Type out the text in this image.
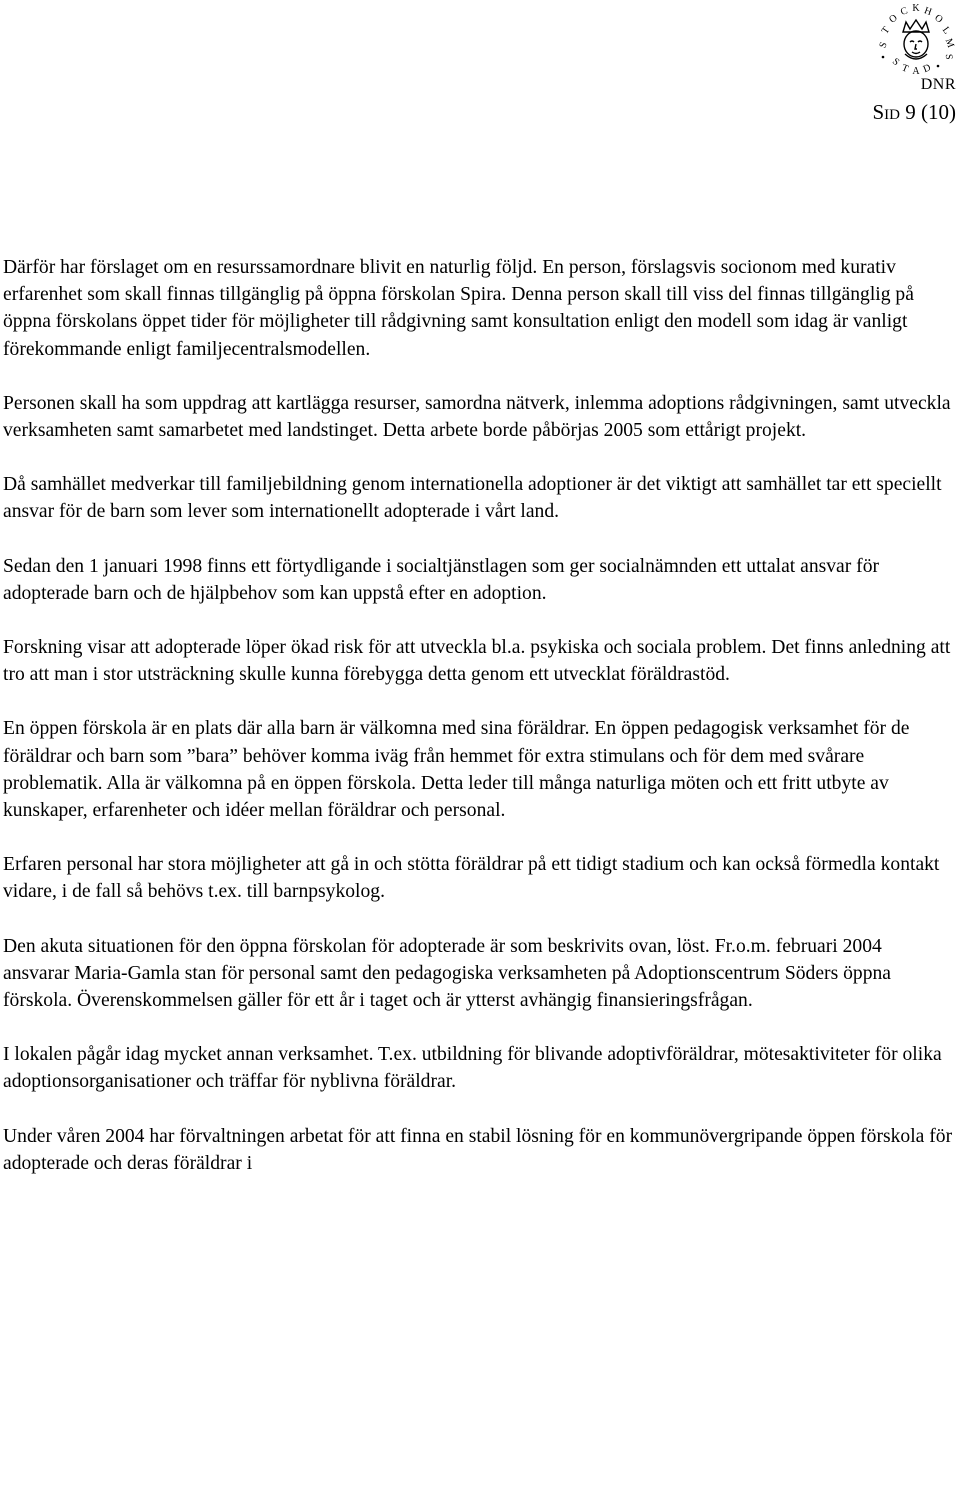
S
T
O
C K H
O
L
M
S
S
T A D
DNR
SID 9 (10)

Därför har förslaget om en resurssamordnare blivit en naturlig följd. En person, förslagsvis socionom med kurativ erfarenhet som skall finnas tillgänglig på öppna förskolan Spira. Denna person skall till viss del finnas tillgänglig på öppna förskolans öppet tider för möjligheter till rådgivning samt konsultation enligt den modell som idag är vanligt förekommande enligt familjecentralsmodellen.

Personen skall ha som uppdrag att kartlägga resurser, samordna nätverk, inlemma adoptions rådgivningen, samt utveckla verksamheten samt samarbetet med landstinget. Detta arbete borde påbörjas 2005 som ettårigt projekt.

Då samhället medverkar till familjebildning genom internationella adoptioner är det viktigt att samhället tar ett speciellt ansvar för de barn som lever som internationellt adopterade i vårt land.

Sedan den 1 januari 1998 finns ett förtydligande i socialtjänstlagen som ger socialnämnden ett uttalat ansvar för adopterade barn och de hjälpbehov som kan uppstå efter en adoption.

Forskning visar att adopterade löper ökad risk för att utveckla bl.a. psykiska och sociala problem. Det finns anledning att tro att man i stor utsträckning skulle kunna förebygga detta genom ett utvecklat föräldrastöd.

En öppen förskola är en plats där alla barn är välkomna med sina föräldrar. En öppen pedagogisk verksamhet för de föräldrar och barn som ”bara” behöver komma iväg från hemmet för extra stimulans och för dem med svårare problematik. Alla är välkomna på en öppen förskola. Detta leder till många naturliga möten och ett fritt utbyte av kunskaper, erfarenheter och idéer mellan föräldrar och personal.

Erfaren personal har stora möjligheter att gå in och stötta föräldrar på ett tidigt stadium och kan också förmedla kontakt vidare, i de fall så behövs t.ex. till barnpsykolog.

Den akuta situationen för den öppna förskolan för adopterade är som beskrivits ovan, löst. Fr.o.m. februari 2004 ansvarar Maria-Gamla stan för personal samt den pedagogiska verksamheten på Adoptionscentrum Söders öppna förskola. Överenskommelsen gäller för ett år i taget och är ytterst avhängig finansieringsfrågan.

I lokalen pågår idag mycket annan verksamhet. T.ex. utbildning för blivande adoptivföräldrar, mötesaktiviteter för olika adoptionsorganisationer och träffar för nyblivna föräldrar.

Under våren 2004 har förvaltningen arbetat för att finna en stabil lösning för en kommunövergripande öppen förskola för adopterade och deras föräldrar i
